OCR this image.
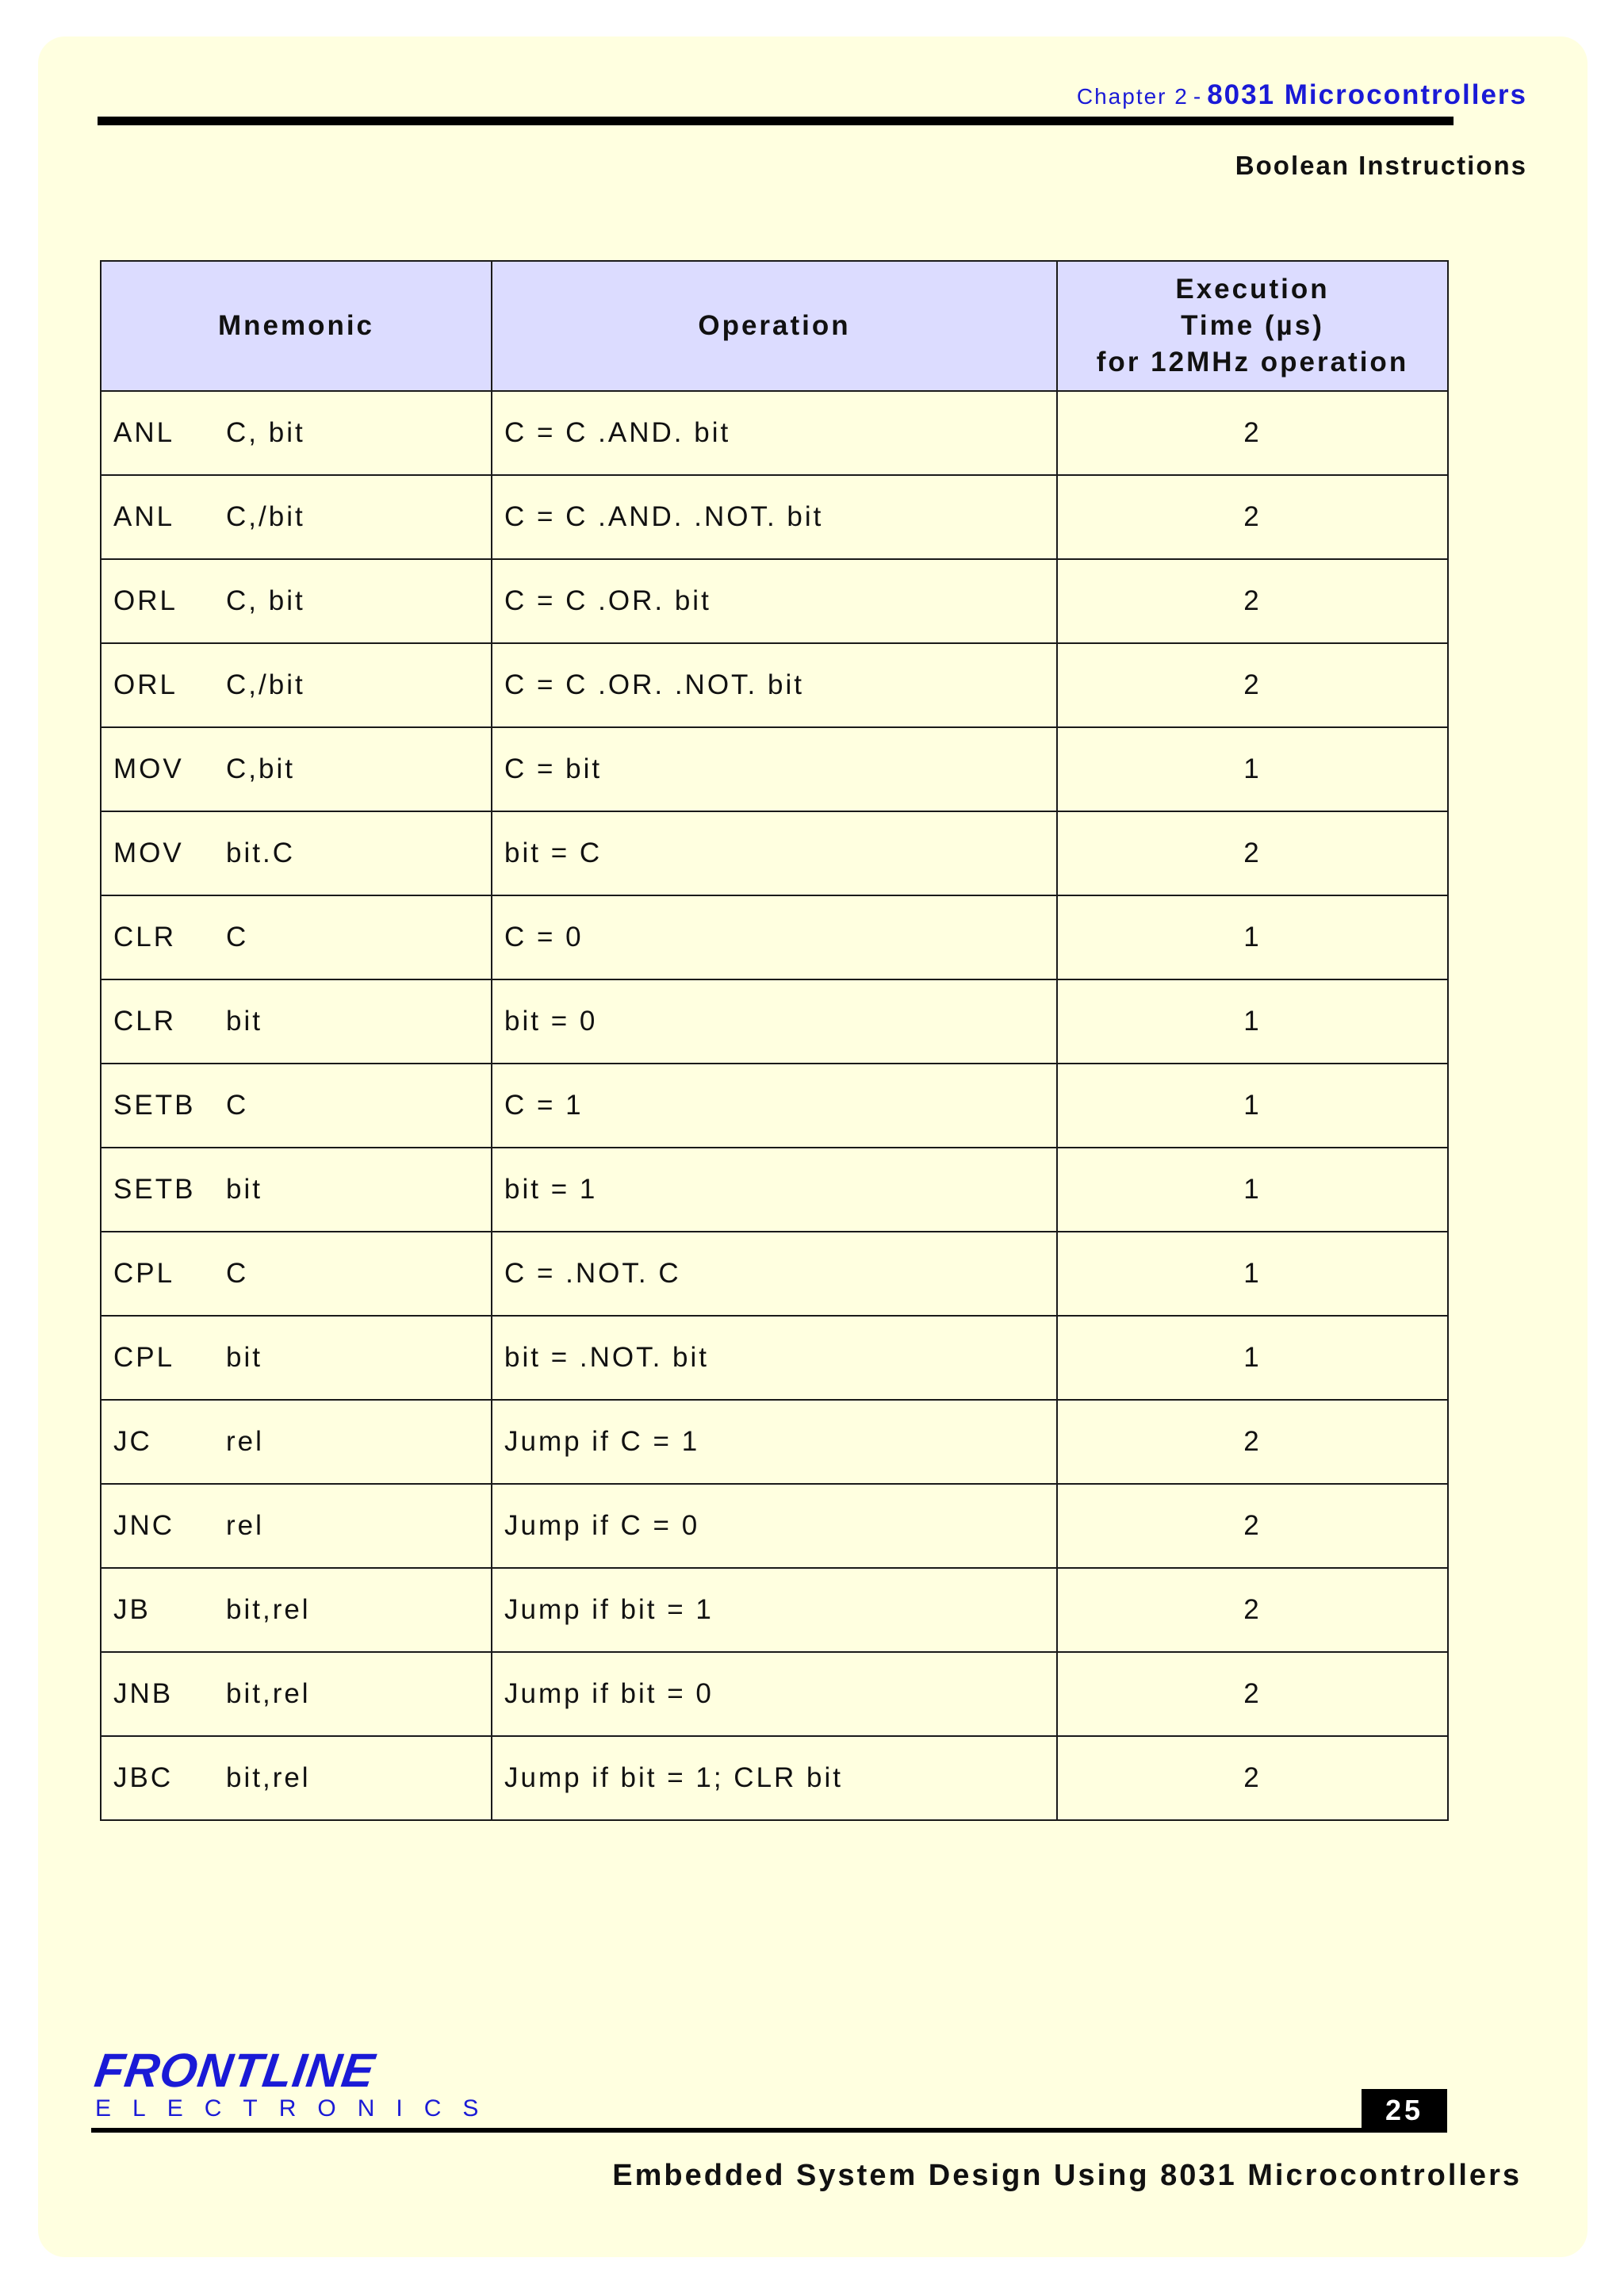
Chapter 2 - 8031 Microcontrollers
Boolean Instructions
Mnemonic	Operation	Execution
Time (µs)
for 12MHz operation

ANL C, bit	C = C .AND. bit	2
ANL C,/bit	C = C .AND. .NOT. bit	2
ORL C, bit	C = C .OR. bit	2
ORL C,/bit	C = C .OR. .NOT. bit	2
MOV C,bit	C = bit	1
MOV bit.C	bit = C	2
CLR C	C = 0	1
CLR bit	bit = 0	1
SETB C	C = 1	1
SETB bit	bit = 1	1
CPL C	C = .NOT. C	1
CPL bit	bit = .NOT. bit	1
JC rel	Jump if C = 1	2
JNC rel	Jump if C = 0	2
JB bit,rel	Jump if bit = 1	2
JNB bit,rel	Jump if bit = 0	2
JBC bit,rel	Jump if bit = 1; CLR bit	2
FRONTLINE
ELECTRONICS	25
Embedded System Design Using 8031 Microcontrollers
